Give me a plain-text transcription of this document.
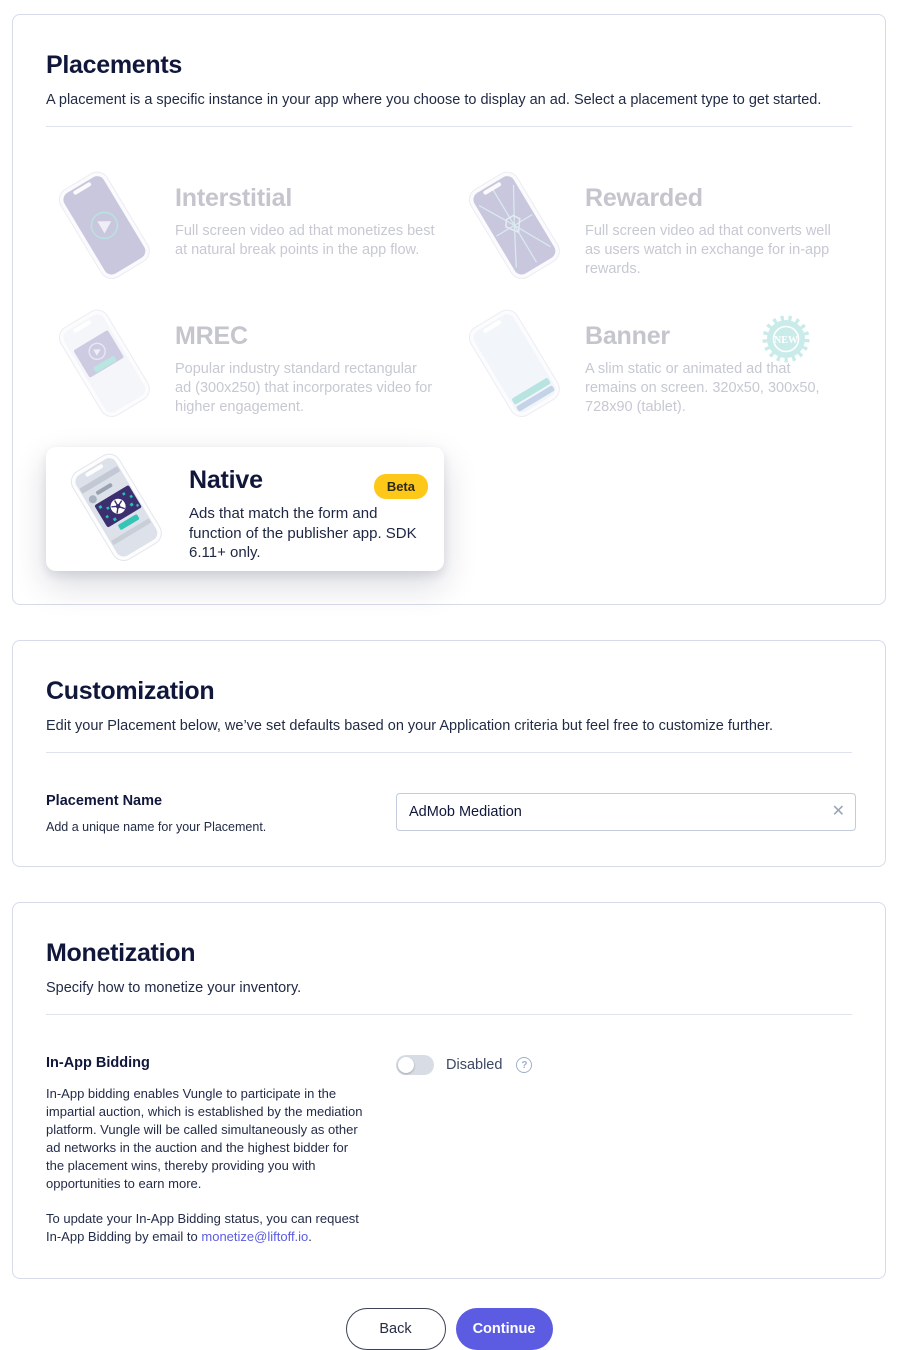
Placements
A placement is a specific instance in your app where you choose to display an ad. Select a placement type to get started.
Interstitial
Full screen video ad that monetizes best at natural break points in the app flow.
Rewarded
Full screen video ad that converts well as users watch in exchange for in-app rewards.
MREC
Popular industry standard rectangular ad (300x250) that incorporates video for higher engagement.
Banner
A slim static or animated ad that remains on screen. 320x50, 300x50, 728x90 (tablet).
NEW
Native
Ads that match the form and function of the publisher app. SDK 6.11+ only.
Beta
Customization
Edit your Placement below, we’ve set defaults based on your Application criteria but feel free to customize further.
Placement Name
Add a unique name for your Placement.
AdMob Mediation
✕
Monetization
Specify how to monetize your inventory.
In-App Bidding
In-App bidding enables Vungle to participate in the impartial auction, which is established by the mediation platform. Vungle will be called simultaneously as other ad networks in the auction and the highest bidder for the placement wins, thereby providing you with opportunities to earn more.
To update your In-App Bidding status, you can request In-App Bidding by email to monetize@liftoff.io.
Disabled	?
Back	Continue
